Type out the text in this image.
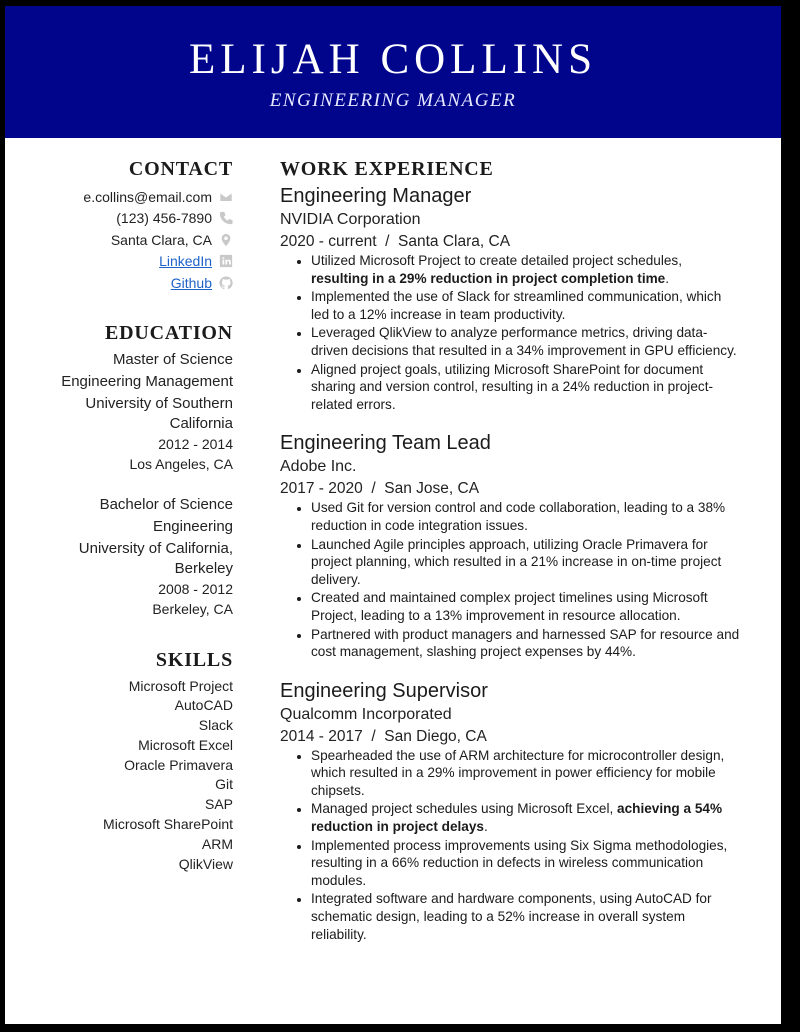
ELIJAH COLLINS
ENGINEERING MANAGER
CONTACT
e.collins@email.com
(123) 456-7890
Santa Clara, CA
LinkedIn
Github
EDUCATION
Master of Science
Engineering Management
University of Southern California
2012 - 2014
Los Angeles, CA
Bachelor of Science
Engineering
University of California, Berkeley
2008 - 2012
Berkeley, CA
SKILLS
Microsoft Project
AutoCAD
Slack
Microsoft Excel
Oracle Primavera
Git
SAP
Microsoft SharePoint
ARM
QlikView
WORK EXPERIENCE
Engineering Manager
NVIDIA Corporation
2020 - current  /  Santa Clara, CA
• Utilized Microsoft Project to create detailed project schedules, resulting in a 29% reduction in project completion time.
• Implemented the use of Slack for streamlined communication, which led to a 12% increase in team productivity.
• Leveraged QlikView to analyze performance metrics, driving data-driven decisions that resulted in a 34% improvement in GPU efficiency.
• Aligned project goals, utilizing Microsoft SharePoint for document sharing and version control, resulting in a 24% reduction in project-related errors.
Engineering Team Lead
Adobe Inc.
2017 - 2020  /  San Jose, CA
• Used Git for version control and code collaboration, leading to a 38% reduction in code integration issues.
• Launched Agile principles approach, utilizing Oracle Primavera for project planning, which resulted in a 21% increase in on-time project delivery.
• Created and maintained complex project timelines using Microsoft Project, leading to a 13% improvement in resource allocation.
• Partnered with product managers and harnessed SAP for resource and cost management, slashing project expenses by 44%.
Engineering Supervisor
Qualcomm Incorporated
2014 - 2017  /  San Diego, CA
• Spearheaded the use of ARM architecture for microcontroller design, which resulted in a 29% improvement in power efficiency for mobile chipsets.
• Managed project schedules using Microsoft Excel, achieving a 54% reduction in project delays.
• Implemented process improvements using Six Sigma methodologies, resulting in a 66% reduction in defects in wireless communication modules.
• Integrated software and hardware components, using AutoCAD for schematic design, leading to a 52% increase in overall system reliability.
